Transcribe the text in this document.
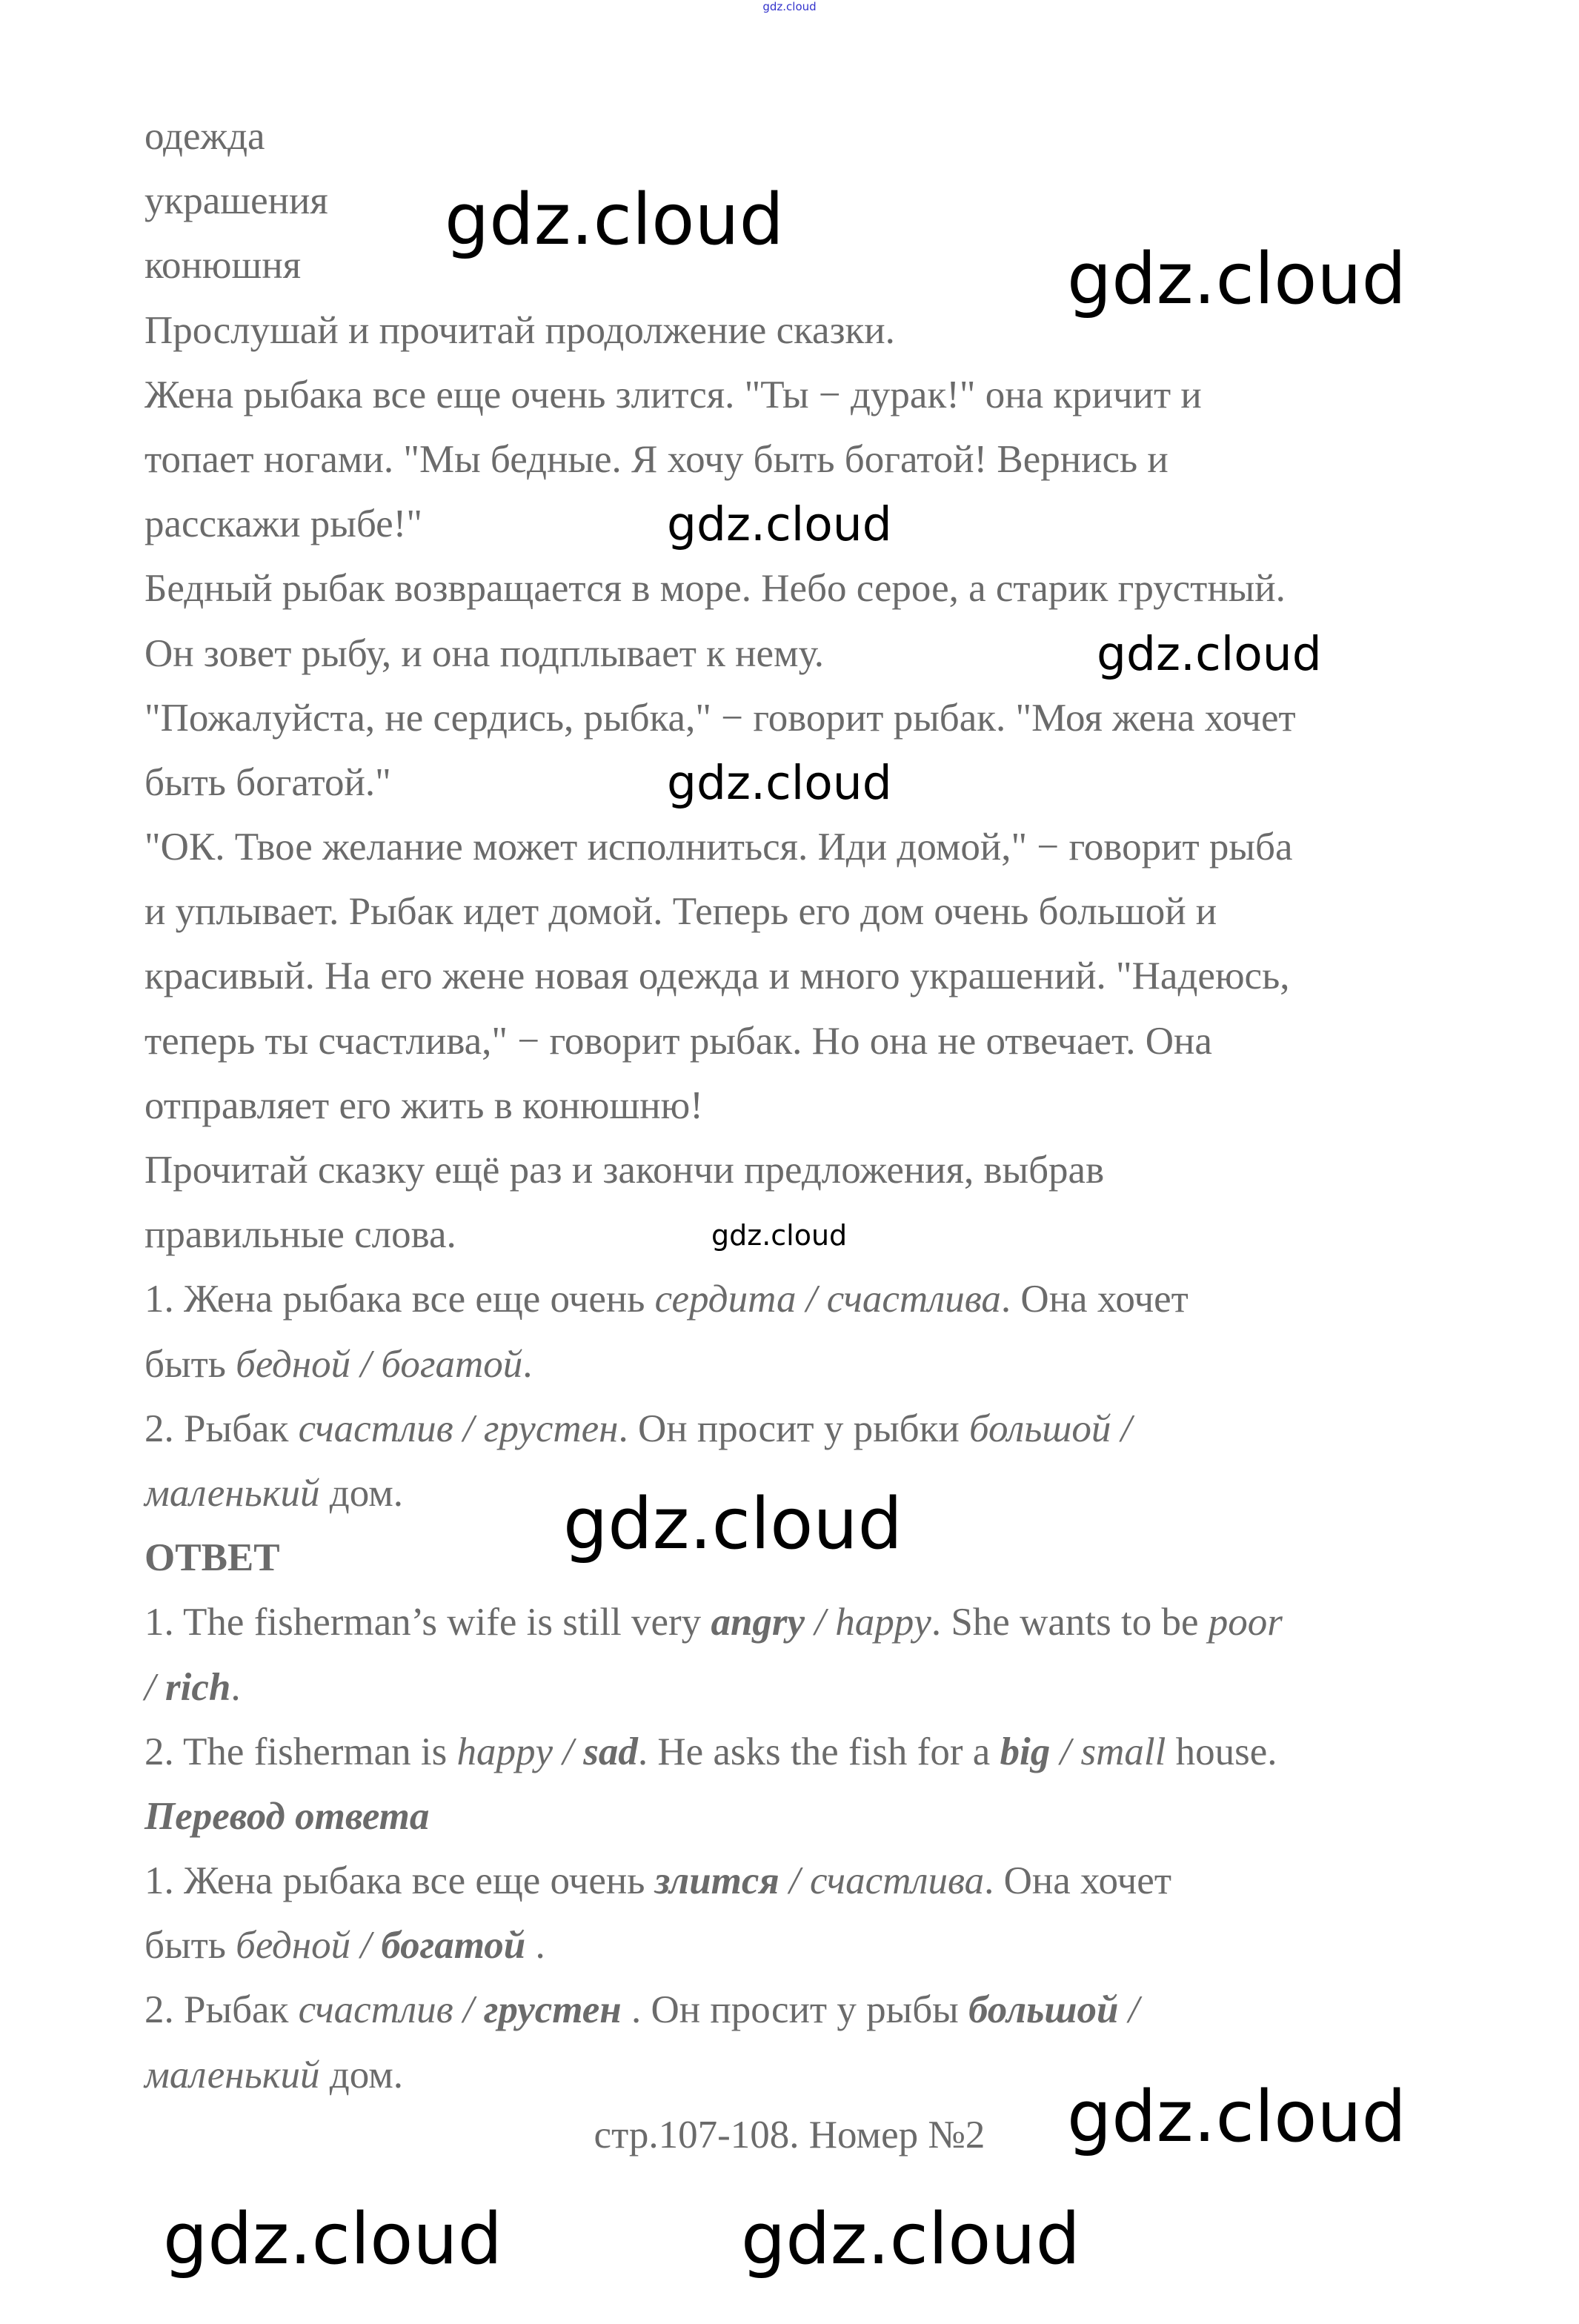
gdz.cloud
одежда
украшения
конюшня
Прослушай и прочитай продолжение сказки.
Жена рыбака все еще очень злится. "Ты − дурак!" она кричит и
топает ногами. "Мы бедные. Я хочу быть богатой! Вернись и
расскажи рыбе!"
Бедный рыбак возвращается в море. Небо серое, а старик грустный.
Он зовет рыбу, и она подплывает к нему.
"Пожалуйста, не сердись, рыбка," − говорит рыбак. "Моя жена хочет
быть богатой."
"ОК. Твое желание может исполниться. Иди домой," − говорит рыба
и уплывает. Рыбак идет домой. Теперь его дом очень большой и
красивый. На его жене новая одежда и много украшений. "Надеюсь,
теперь ты счастлива," − говорит рыбак. Но она не отвечает. Она
отправляет его жить в конюшню!
Прочитай сказку ещё раз и закончи предложения, выбрав
правильные слова.
1. Жена рыбака все еще очень сердита / счастлива. Она хочет
быть бедной / богатой.
2. Рыбак счастлив / грустен. Он просит у рыбки большой /
маленький дом.
ОТВЕТ
1. The fisherman’s wife is still very angry / happy. She wants to be poor
/ rich.
2. The fisherman is happy / sad. He asks the fish for a big / small house.
Перевод ответа
1. Жена рыбака все еще очень злится / счастлива. Она хочет
быть бедной / богатой .
2. Рыбак счастлив / грустен . Он просит у рыбы большой /
маленький дом.
стр.107-108. Номер №2
gdz.cloud
gdz.cloud
gdz.cloud
gdz.cloud
gdz.cloud
gdz.cloud
gdz.cloud
gdz.cloud
gdz.cloud	gdz.cloud
